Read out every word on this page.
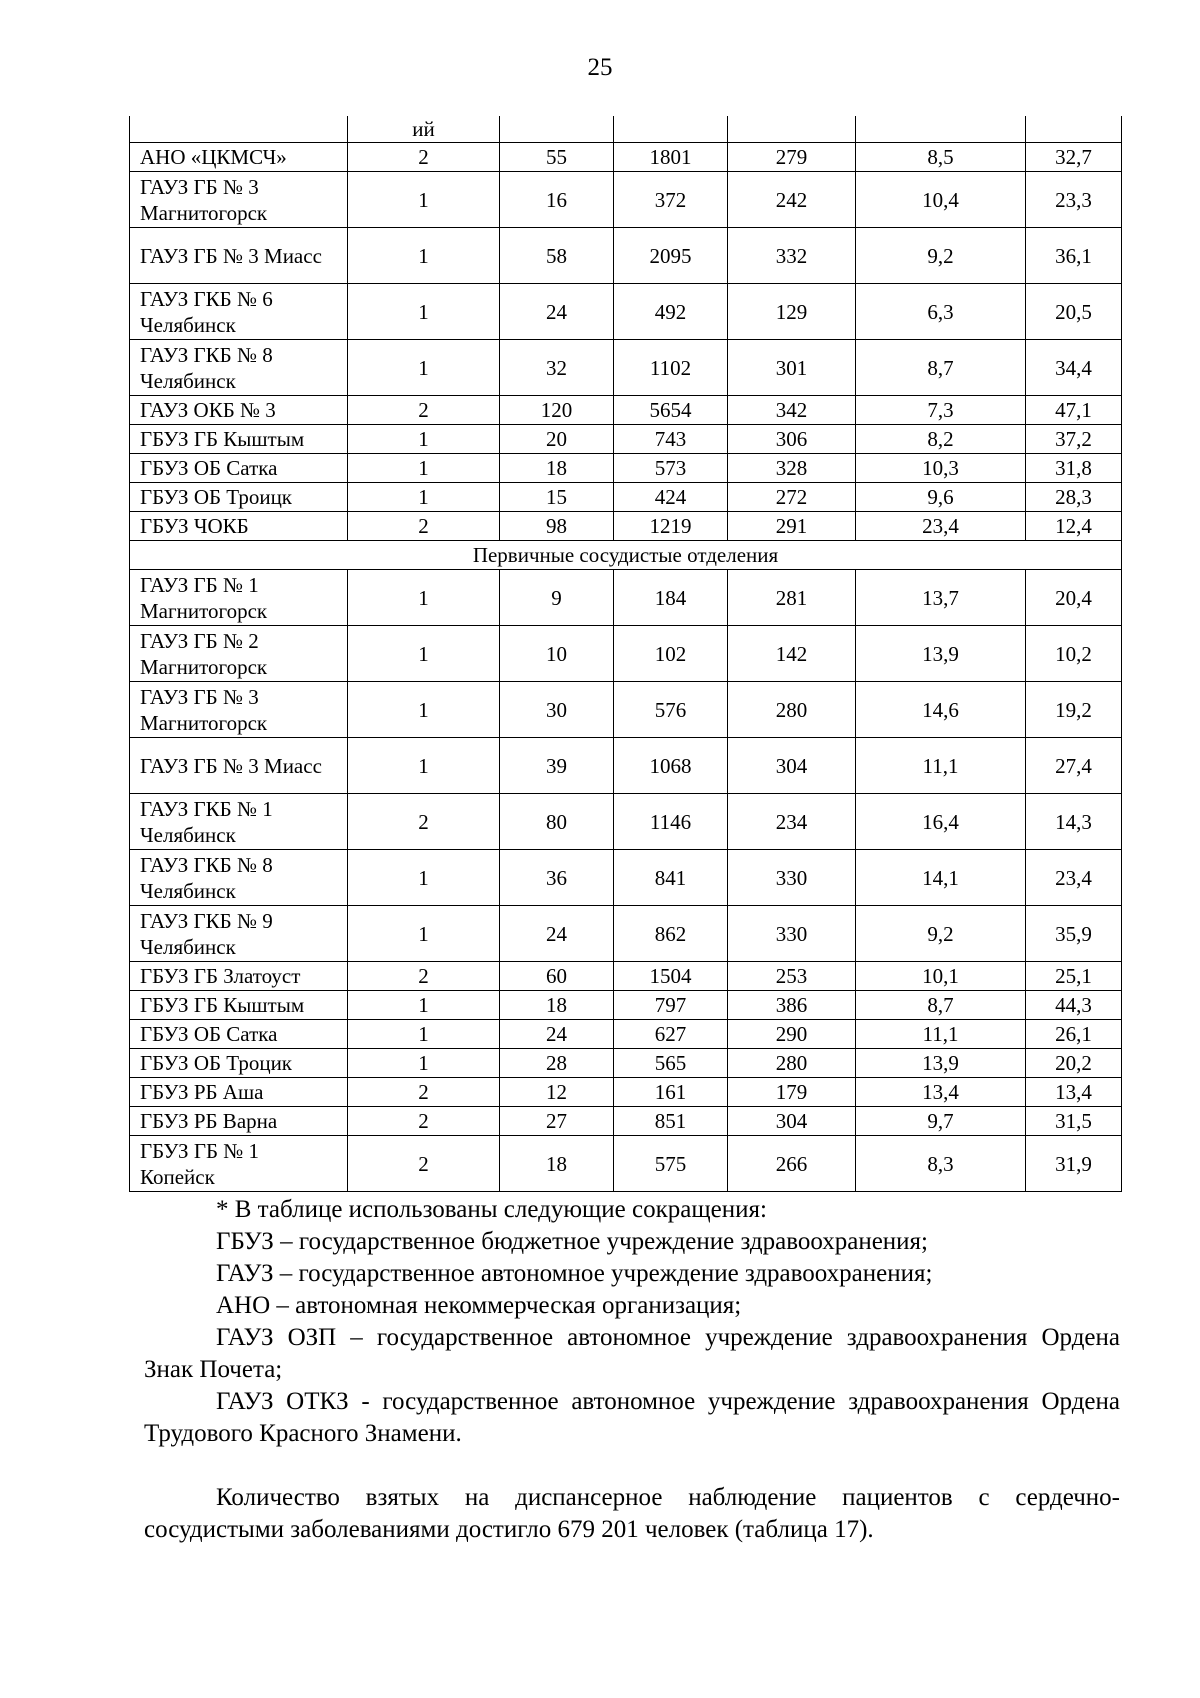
25
	ий					
АНО «ЦКМСЧ»	2	55	1801	279	8,5	32,7
ГАУЗ ГБ № 3 Магнитогорск	1	16	372	242	10,4	23,3
ГАУЗ ГБ № 3 Миасс	1	58	2095	332	9,2	36,1
ГАУЗ ГКБ № 6 Челябинск	1	24	492	129	6,3	20,5
ГАУЗ ГКБ № 8 Челябинск	1	32	1102	301	8,7	34,4
ГАУЗ ОКБ № 3	2	120	5654	342	7,3	47,1
ГБУЗ ГБ Кыштым	1	20	743	306	8,2	37,2
ГБУЗ ОБ Сатка	1	18	573	328	10,3	31,8
ГБУЗ ОБ Троицк	1	15	424	272	9,6	28,3
ГБУЗ ЧОКБ	2	98	1219	291	23,4	12,4
Первичные сосудистые отделения						
ГАУЗ ГБ № 1 Магнитогорск	1	9	184	281	13,7	20,4
ГАУЗ ГБ № 2 Магнитогорск	1	10	102	142	13,9	10,2
ГАУЗ ГБ № 3 Магнитогорск	1	30	576	280	14,6	19,2
ГАУЗ ГБ № 3 Миасс	1	39	1068	304	11,1	27,4
ГАУЗ ГКБ № 1 Челябинск	2	80	1146	234	16,4	14,3
ГАУЗ ГКБ № 8 Челябинск	1	36	841	330	14,1	23,4
ГАУЗ ГКБ № 9 Челябинск	1	24	862	330	9,2	35,9
ГБУЗ ГБ Златоуст	2	60	1504	253	10,1	25,1
ГБУЗ ГБ Кыштым	1	18	797	386	8,7	44,3
ГБУЗ ОБ Сатка	1	24	627	290	11,1	26,1
ГБУЗ ОБ Троцик	1	28	565	280	13,9	20,2
ГБУЗ РБ Аша	2	12	161	179	13,4	13,4
ГБУЗ РБ Варна	2	27	851	304	9,7	31,5
ГБУЗ ГБ № 1 Копейск	2	18	575	266	8,3	31,9

* В таблице использованы следующие сокращения:

ГБУЗ – государственное бюджетное учреждение здравоохранения;

ГАУЗ – государственное автономное учреждение здравоохранения;

АНО – автономная некоммерческая организация;

ГАУЗ ОЗП – государственное автономное учреждение здравоохранения Ордена Знак Почета;

ГАУЗ ОТКЗ - государственное автономное учреждение здравоохранения Ордена Трудового Красного Знамени.

Количество взятых на диспансерное наблюдение пациентов с сердечно-сосудистыми заболеваниями достигло 679 201 человек (таблица 17).
